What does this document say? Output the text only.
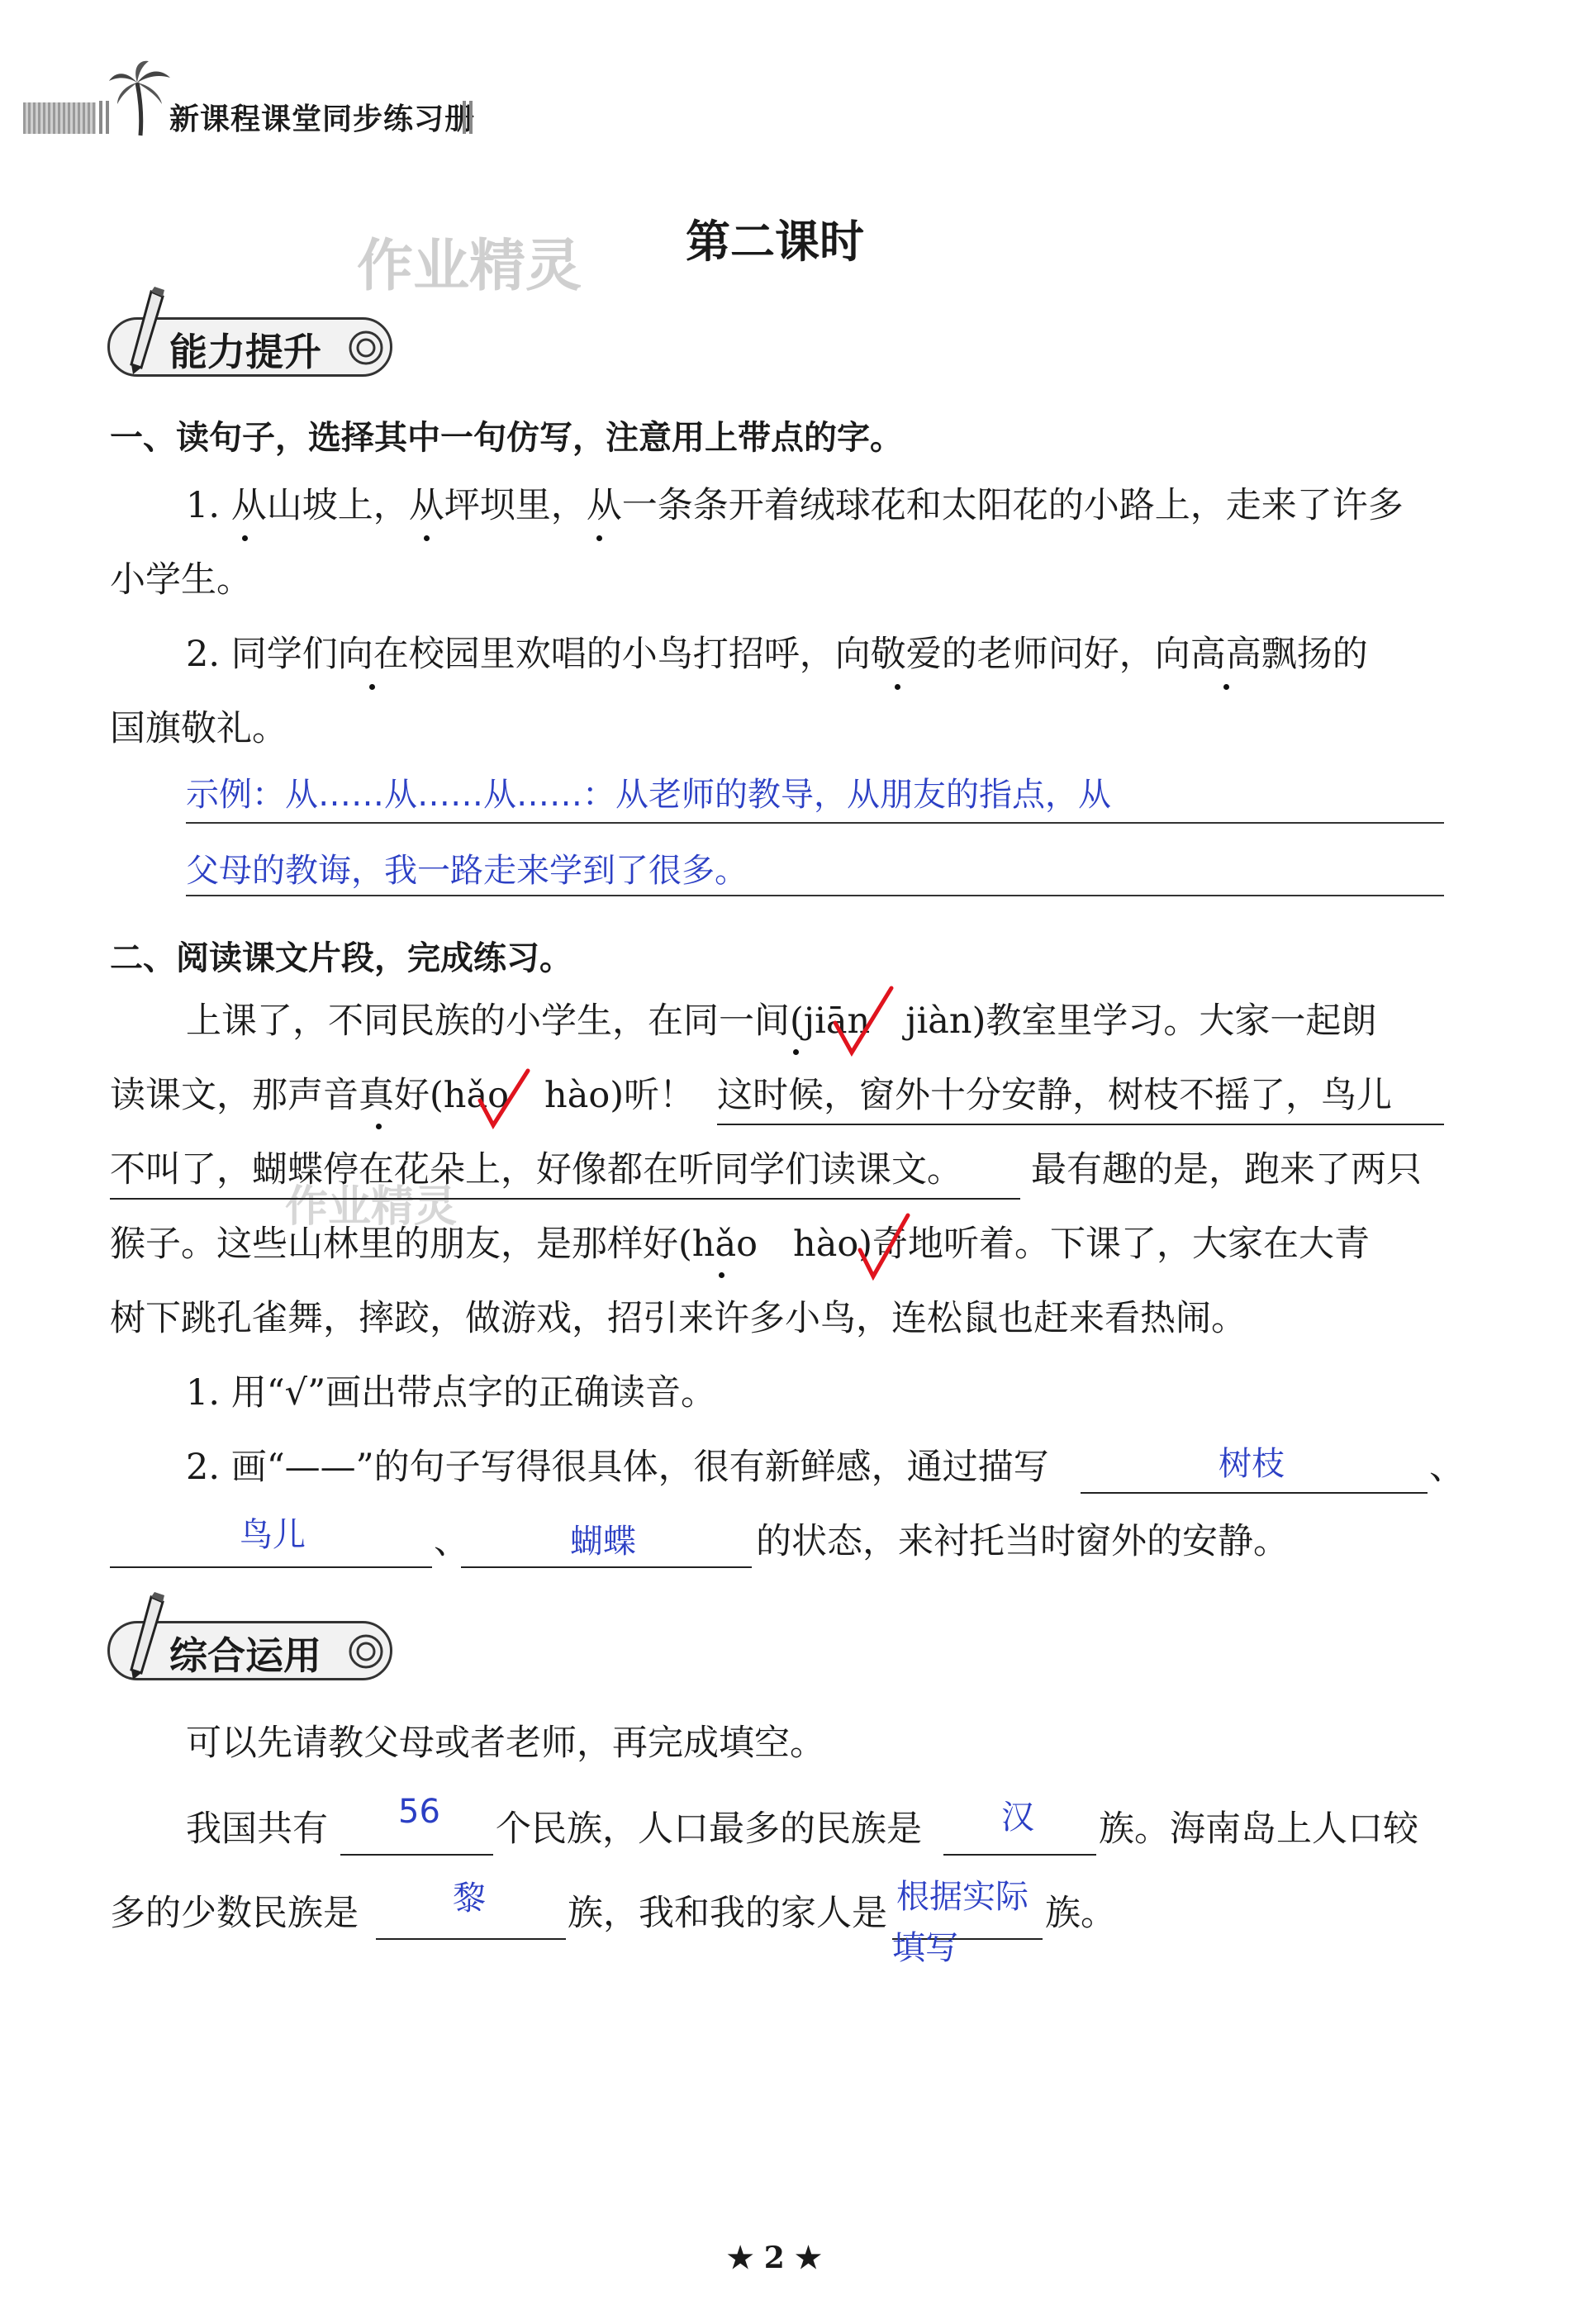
新课程课堂同步练习册
作业精灵
作业精灵
第二课时
能力提升
一、读句子，选择其中一句仿写，注意用上带点的字。
1. 从山坡上，从坪坝里，从一条条开着绒球花和太阳花的小路上，走来了许多
小学生。
2. 同学们向在校园里欢唱的小鸟打招呼，向敬爱的老师问好，向高高飘扬的
国旗敬礼。
示例：从……从……从……：从老师的教导，从朋友的指点，从
父母的教诲，我一路走来学到了很多。
二、阅读课文片段，完成练习。
上课了，不同民族的小学生，在同一间(jiān　jiàn)教室里学习。大家一起朗
读课文，那声音真好(hǎo　hào)听！ 这时候，窗外十分安静，树枝不摇了，鸟儿
不叫了，蝴蝶停在花朵上，好像都在听同学们读课文。 最有趣的是，跑来了两只
猴子。这些山林里的朋友，是那样好(hǎo　hào)奇地听着。下课了，大家在大青
树下跳孔雀舞，摔跤，做游戏，招引来许多小鸟，连松鼠也赶来看热闹。
1. 用“√”画出带点字的正确读音。
2. 画“——”的句子写得很具体，很有新鲜感，通过描写	树枝	、
鸟儿	、	蝴蝶	的状态，来衬托当时窗外的安静。
综合运用
可以先请教父母或者老师，再完成填空。
我国共有 56 个民族，人口最多的民族是 汉 族。海南岛上人口较
多的少数民族是	黎 族，我和我的家人是 根据实际
填写
族。
★ 2 ★
